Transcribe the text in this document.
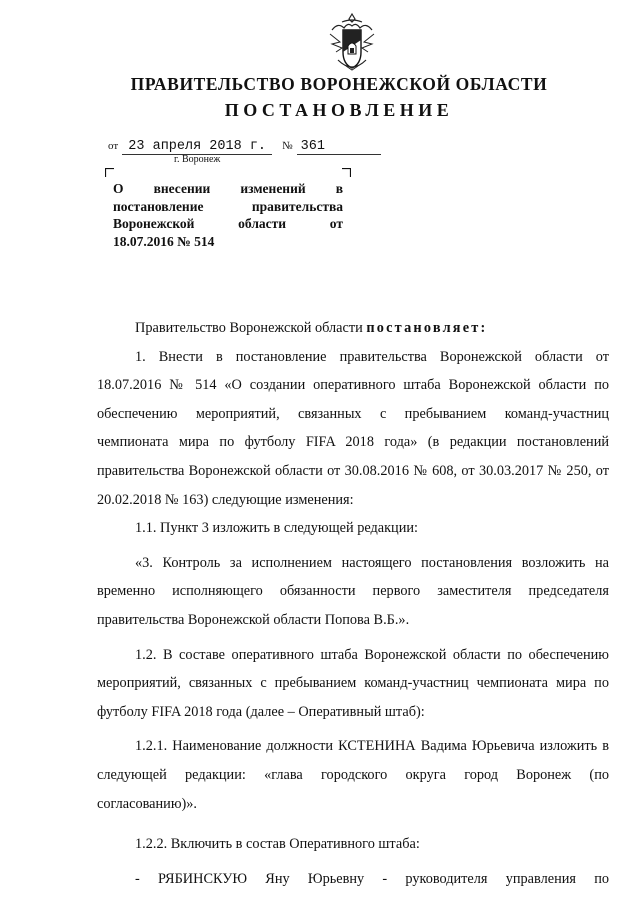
ПРАВИТЕЛЬСТВО ВОРОНЕЖСКОЙ ОБЛАСТИ
ПОСТАНОВЛЕНИЕ
от 23 апреля 2018 г. № 361
г. Воронеж
О внесении изменений в
постановление правительства
Воронежской области от
18.07.2016 № 514

Правительство Воронежской области постановляет:

1. Внести в постановление правительства Воронежской области от 18.07.2016 № 514 «О создании оперативного штаба Воронежской области по обеспечению мероприятий, связанных с пребыванием команд-участниц чемпионата мира по футболу FIFA 2018 года» (в редакции постановлений правительства Воронежской области от 30.08.2016 № 608, от 30.03.2017 № 250, от 20.02.2018 № 163) следующие изменения:

1.1. Пункт 3 изложить в следующей редакции:

«3. Контроль за исполнением настоящего постановления возложить на временно исполняющего обязанности первого заместителя председателя правительства Воронежской области Попова В.Б.».

1.2. В составе оперативного штаба Воронежской области по обеспечению мероприятий, связанных с пребыванием команд-участниц чемпионата мира по футболу FIFA 2018 года (далее – Оперативный штаб):

1.2.1. Наименование должности КСТЕНИНА Вадима Юрьевича изложить в следующей редакции: «глава городского округа город Воронеж (по согласованию)».

1.2.2. Включить в состав Оперативного штаба:

- РЯБИНСКУЮ Яну Юрьевну - руководителя управления по
